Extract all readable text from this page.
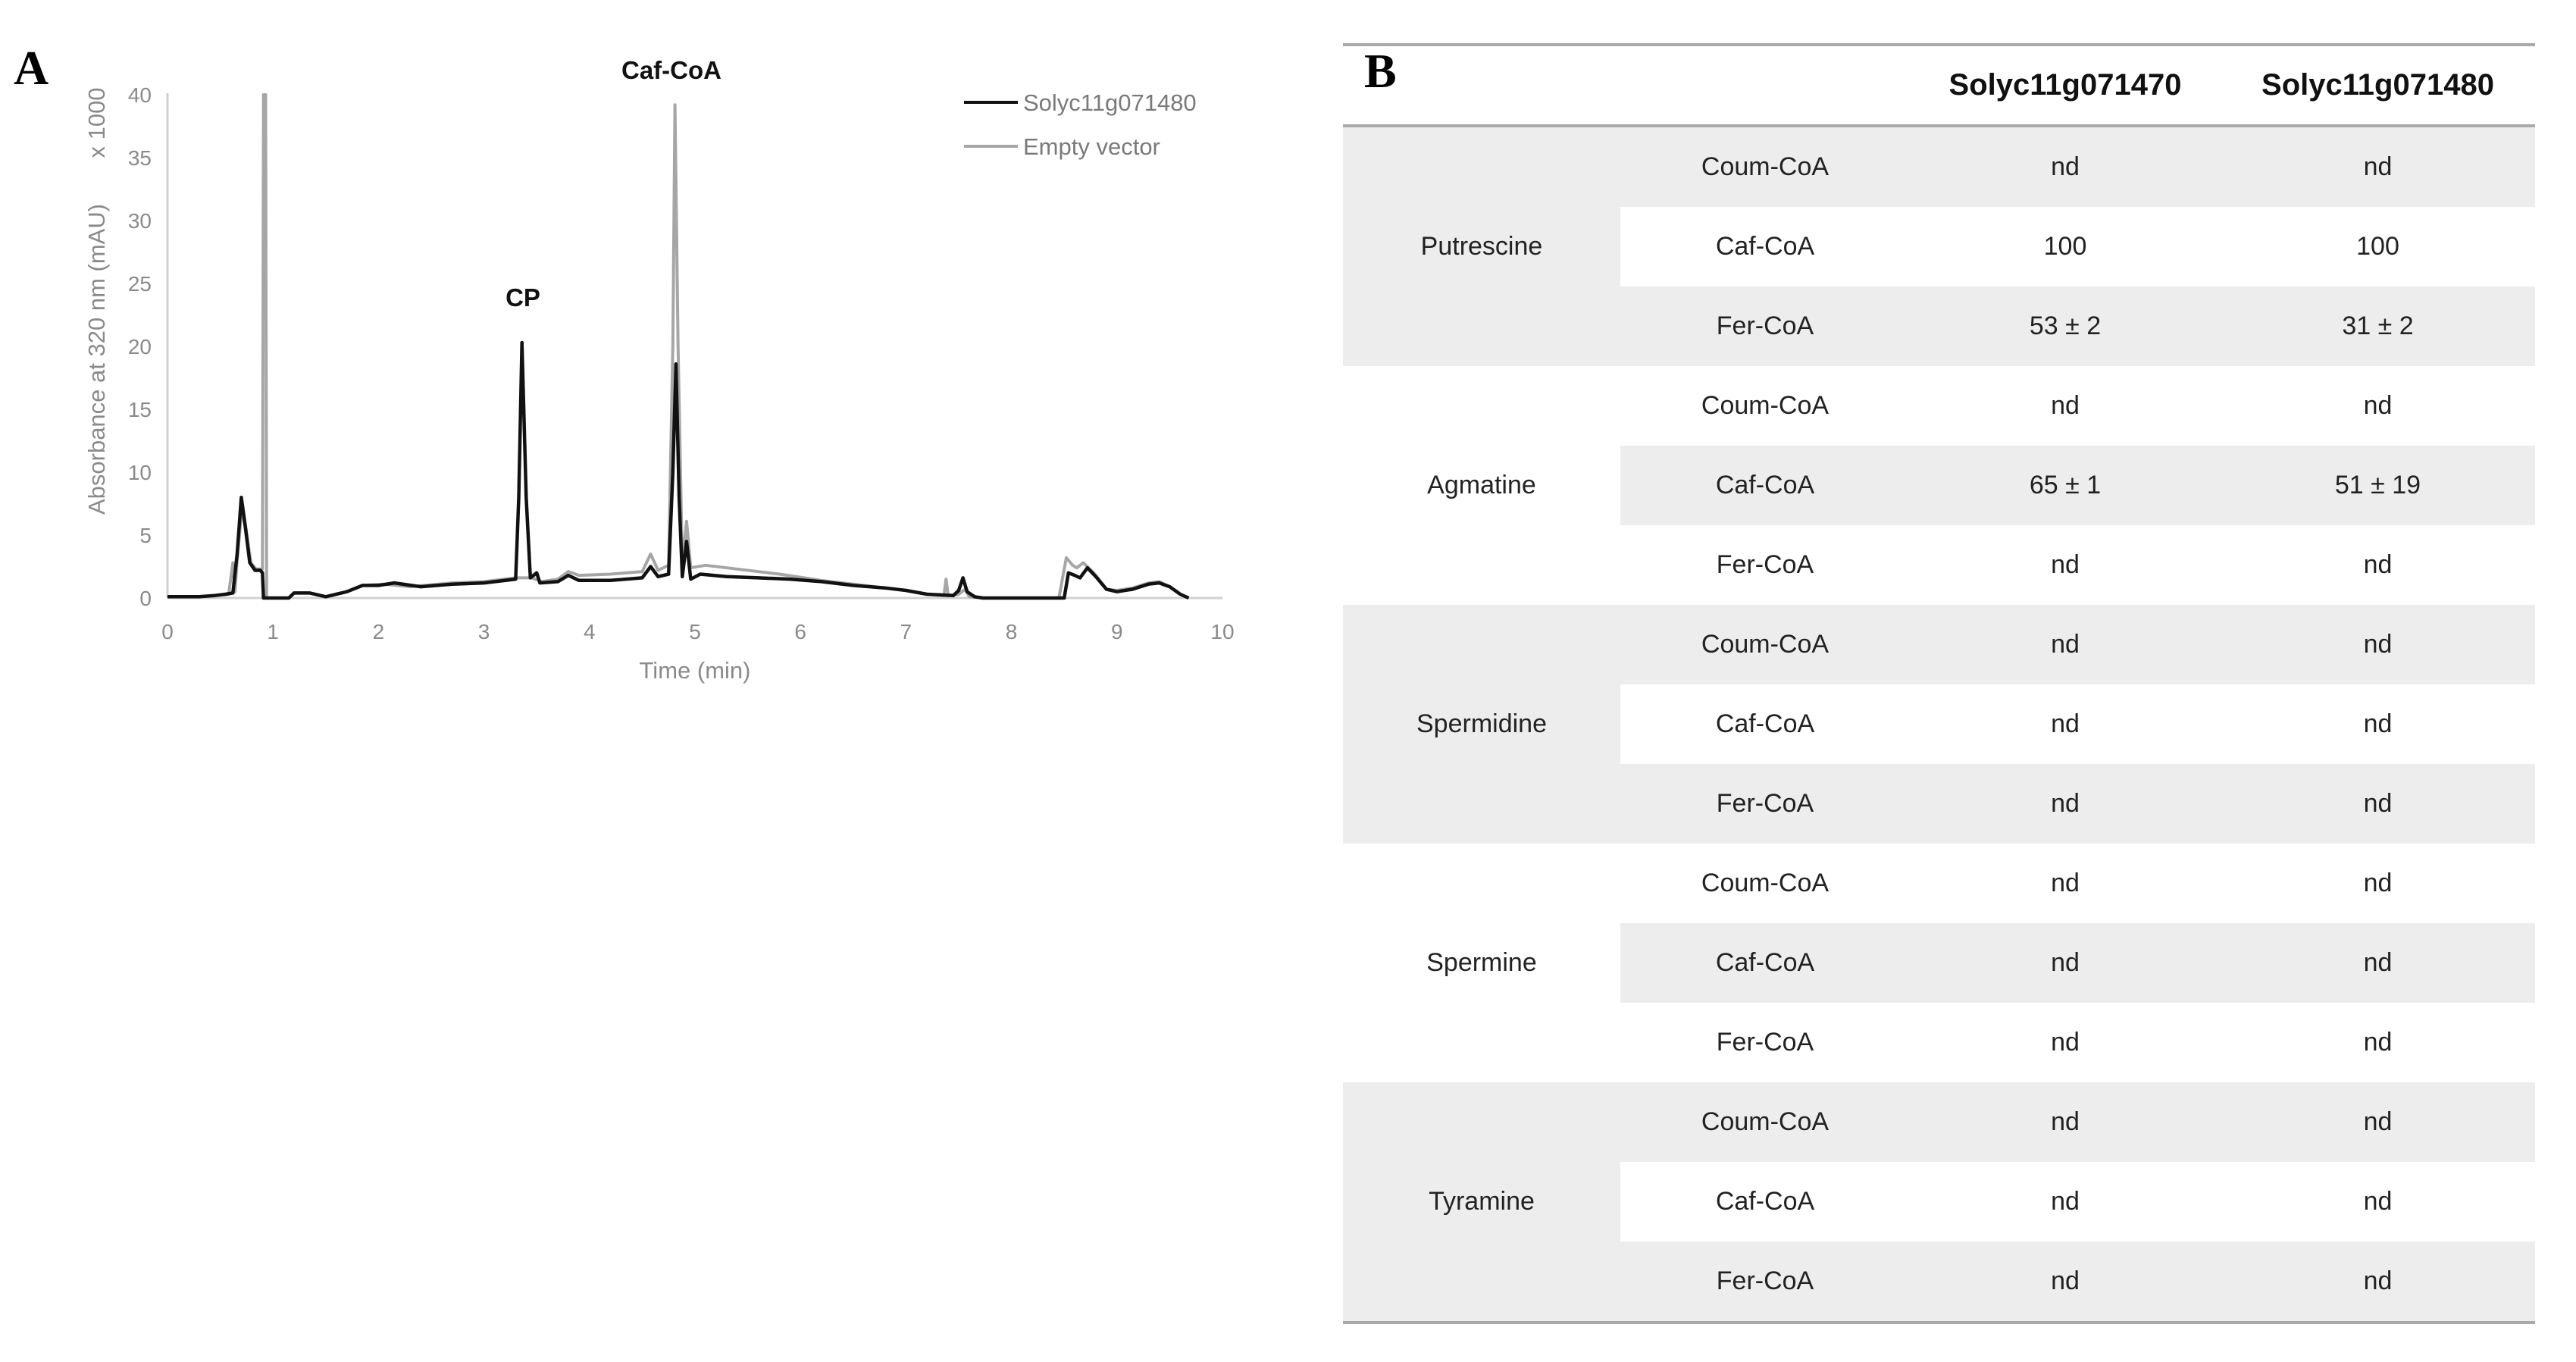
A
0
5
10
15
20
25
30
35
40
Absorbance at 320 nm (mAU)
x 1000
0	1	2	3	4	5	6	7	8	9	10
Time (min)
CP
Caf-CoA
Solyc11g071480
Empty vector
Solyc11g071470	Solyc11g071480
Putrescine
Coum-CoA	nd	nd
Caf-CoA	100	100
Fer-CoA	53 ± 2	31 ± 2
Agmatine
Coum-CoA	nd	nd
Caf-CoA	65 ± 1	51 ± 19
Fer-CoA	nd	nd
Spermidine
Coum-CoA	nd	nd
Caf-CoA	nd	nd
Fer-CoA	nd	nd
Spermine
Coum-CoA	nd	nd
Caf-CoA	nd	nd
Fer-CoA	nd	nd
Tyramine
Coum-CoA	nd	nd
Caf-CoA	nd	nd
Fer-CoA	nd	nd
B
